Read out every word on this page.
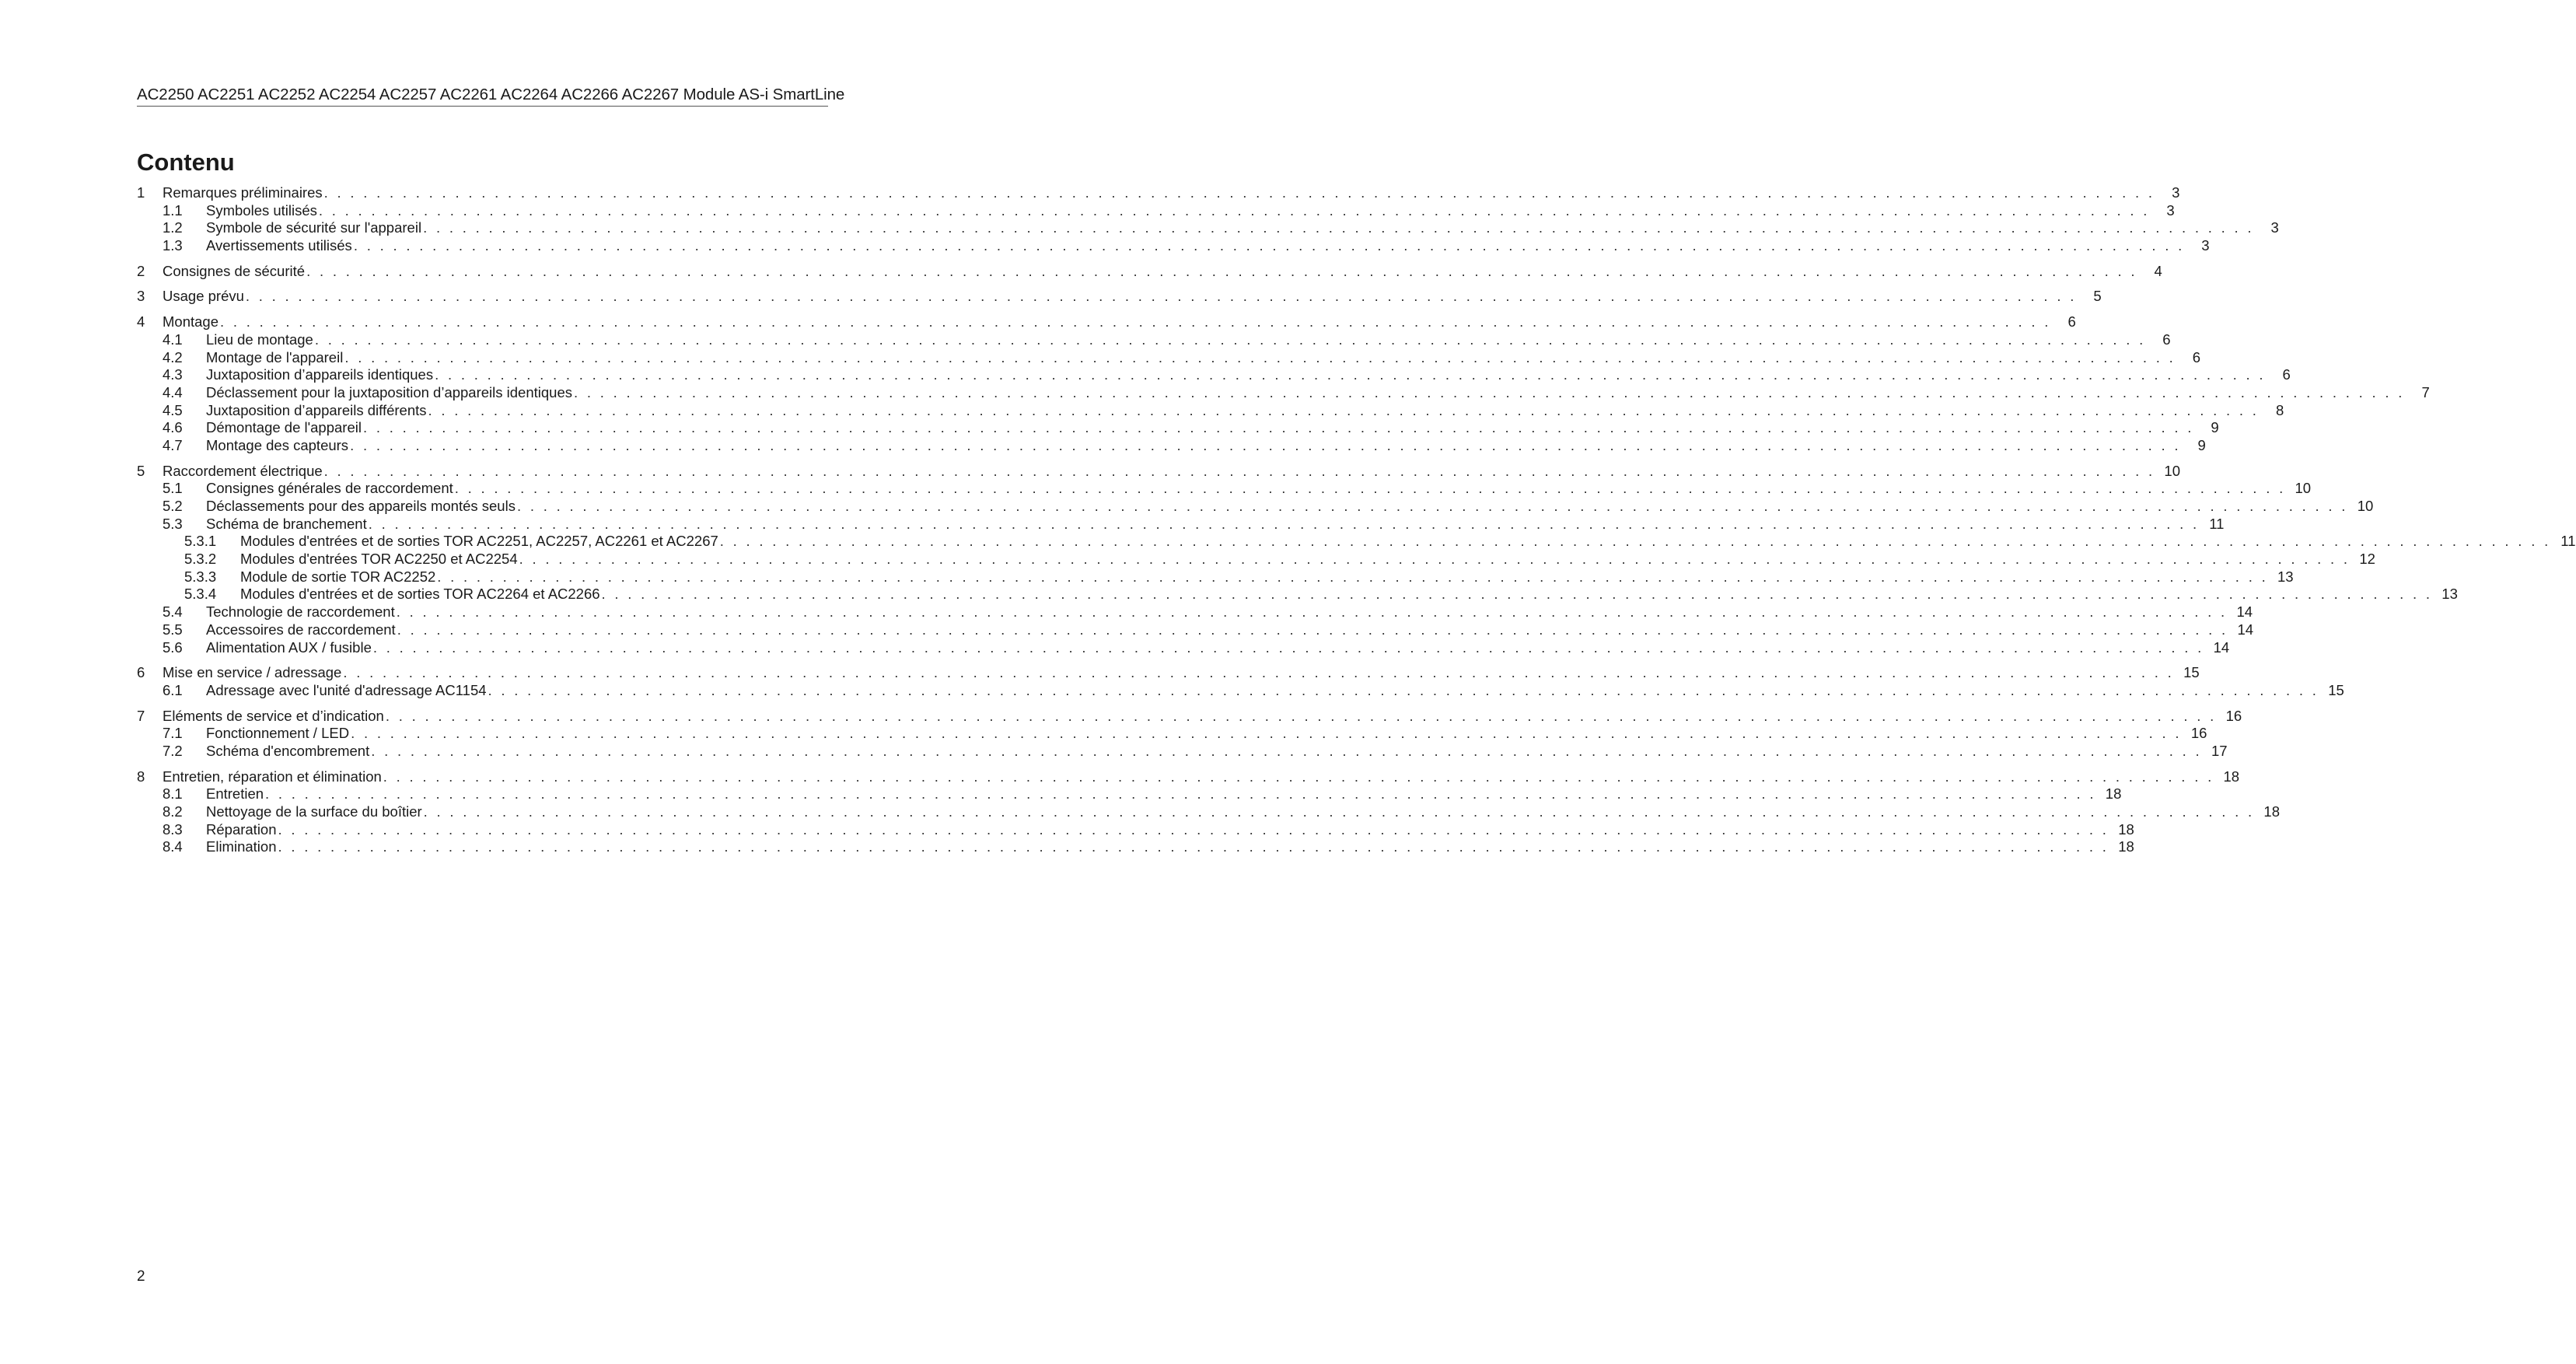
AC2250 AC2251 AC2252 AC2254 AC2257 AC2261 AC2264 AC2266 AC2267 Module AS-i SmartLine
Contenu
1 Remarques préliminaires . . . . . . . . . . . . . . . . . . . . . . . . . . . . . . . . . . . . . . . . . . . . . . . . . . . . . . . . . . . . . . . . . . . . . . . . . . . . . . . . . . . . . . . . . . . . . . . . . . . . . . . . . . . . . . . . . . . . . . . . . . . . . . . . . . . . . . . . . . . .	3
1.1 Symboles utilisés . . . . . . . . . . . . . . . . . . . . . . . . . . . . . . . . . . . . . . . . . . . . . . . . . . . . . . . . . . . . . . . . . . . . . . . . . . . . . . . . . . . . . . . . . . . . . . . . . . . . . . . . . . . . . . . . . . . . . . . . . . . . . . . . . . . . . . . . . . . .	3
1.2 Symbole de sécurité sur l'appareil . . . . . . . . . . . . . . . . . . . . . . . . . . . . . . . . . . . . . . . . . . . . . . . . . . . . . . . . . . . . . . . . . . . . . . . . . . . . . . . . . . . . . . . . . . . . . . . . . . . . . . . . . . . . . . . . . . . . . . . . . . . . . . . . . . . . . . . . . . . .	3
1.3 Avertissements utilisés . . . . . . . . . . . . . . . . . . . . . . . . . . . . . . . . . . . . . . . . . . . . . . . . . . . . . . . . . . . . . . . . . . . . . . . . . . . . . . . . . . . . . . . . . . . . . . . . . . . . . . . . . . . . . . . . . . . . . . . . . . . . . . . . . . . . . . . . . . . .	3
2 Consignes de sécurité . . . . . . . . . . . . . . . . . . . . . . . . . . . . . . . . . . . . . . . . . . . . . . . . . . . . . . . . . . . . . . . . . . . . . . . . . . . . . . . . . . . . . . . . . . . . . . . . . . . . . . . . . . . . . . . . . . . . . . . . . . . . . . . . . . . . . . . . . . . .	4
3 Usage prévu . . . . . . . . . . . . . . . . . . . . . . . . . . . . . . . . . . . . . . . . . . . . . . . . . . . . . . . . . . . . . . . . . . . . . . . . . . . . . . . . . . . . . . . . . . . . . . . . . . . . . . . . . . . . . . . . . . . . . . . . . . . . . . . . . . . . . . . . . . . .	5
4 Montage . . . . . . . . . . . . . . . . . . . . . . . . . . . . . . . . . . . . . . . . . . . . . . . . . . . . . . . . . . . . . . . . . . . . . . . . . . . . . . . . . . . . . . . . . . . . . . . . . . . . . . . . . . . . . . . . . . . . . . . . . . . . . . . . . . . . . . . . . . . .	6
4.1 Lieu de montage . . . . . . . . . . . . . . . . . . . . . . . . . . . . . . . . . . . . . . . . . . . . . . . . . . . . . . . . . . . . . . . . . . . . . . . . . . . . . . . . . . . . . . . . . . . . . . . . . . . . . . . . . . . . . . . . . . . . . . . . . . . . . . . . . . . . . . . . . . . .	6
4.2 Montage de l'appareil . . . . . . . . . . . . . . . . . . . . . . . . . . . . . . . . . . . . . . . . . . . . . . . . . . . . . . . . . . . . . . . . . . . . . . . . . . . . . . . . . . . . . . . . . . . . . . . . . . . . . . . . . . . . . . . . . . . . . . . . . . . . . . . . . . . . . . . . . . . .	6
4.3 Juxtaposition d’appareils identiques . . . . . . . . . . . . . . . . . . . . . . . . . . . . . . . . . . . . . . . . . . . . . . . . . . . . . . . . . . . . . . . . . . . . . . . . . . . . . . . . . . . . . . . . . . . . . . . . . . . . . . . . . . . . . . . . . . . . . . . . . . . . . . . . . . . . . . . . . . . .	6
4.4 Déclassement pour la juxtaposition d’appareils identiques . . . . . . . . . . . . . . . . . . . . . . . . . . . . . . . . . . . . . . . . . . . . . . . . . . . . . . . . . . . . . . . . . . . . . . . . . . . . . . . . . . . . . . . . . . . . . . . . . . . . . . . . . . . . . . . . . . . . . . . . . . . . . . . . . . . . . . . . . . . .	7
4.5 Juxtaposition d’appareils différents . . . . . . . . . . . . . . . . . . . . . . . . . . . . . . . . . . . . . . . . . . . . . . . . . . . . . . . . . . . . . . . . . . . . . . . . . . . . . . . . . . . . . . . . . . . . . . . . . . . . . . . . . . . . . . . . . . . . . . . . . . . . . . . . . . . . . . . . . . . .	8
4.6 Démontage de l'appareil . . . . . . . . . . . . . . . . . . . . . . . . . . . . . . . . . . . . . . . . . . . . . . . . . . . . . . . . . . . . . . . . . . . . . . . . . . . . . . . . . . . . . . . . . . . . . . . . . . . . . . . . . . . . . . . . . . . . . . . . . . . . . . . . . . . . . . . . . . . .	9
4.7 Montage des capteurs . . . . . . . . . . . . . . . . . . . . . . . . . . . . . . . . . . . . . . . . . . . . . . . . . . . . . . . . . . . . . . . . . . . . . . . . . . . . . . . . . . . . . . . . . . . . . . . . . . . . . . . . . . . . . . . . . . . . . . . . . . . . . . . . . . . . . . . . . . . .	9
5 Raccordement électrique . . . . . . . . . . . . . . . . . . . . . . . . . . . . . . . . . . . . . . . . . . . . . . . . . . . . . . . . . . . . . . . . . . . . . . . . . . . . . . . . . . . . . . . . . . . . . . . . . . . . . . . . . . . . . . . . . . . . . . . . . . . . . . . . . . . . . . . . . . . . 10
5.1 Consignes générales de raccordement . . . . . . . . . . . . . . . . . . . . . . . . . . . . . . . . . . . . . . . . . . . . . . . . . . . . . . . . . . . . . . . . . . . . . . . . . . . . . . . . . . . . . . . . . . . . . . . . . . . . . . . . . . . . . . . . . . . . . . . . . . . . . . . . . . . . . . . . . . . . 10
5.2 Déclassements pour des appareils montés seuls . . . . . . . . . . . . . . . . . . . . . . . . . . . . . . . . . . . . . . . . . . . . . . . . . . . . . . . . . . . . . . . . . . . . . . . . . . . . . . . . . . . . . . . . . . . . . . . . . . . . . . . . . . . . . . . . . . . . . . . . . . . . . . . . . . . . . . . . . . . . 10
5.3 Schéma de branchement . . . . . . . . . . . . . . . . . . . . . . . . . . . . . . . . . . . . . . . . . . . . . . . . . . . . . . . . . . . . . . . . . . . . . . . . . . . . . . . . . . . . . . . . . . . . . . . . . . . . . . . . . . . . . . . . . . . . . . . . . . . . . . . . . . . . . . . . . . . . 11
5.3.1 Modules d'entrées et de sorties TOR AC2251, AC2257, AC2261 et AC2267 . . . . . . . . . . . . . . . . . . . . . . . . . . . . . . . . . . . . . . . . . . . . . . . . . . . . . . . . . . . . . . . . . . . . . . . . . . . . . . . . . . . . . . . . . . . . . . . . . . . . . . . . . . . . . . . . . . . . . . . . . . . . . . . . . . . . . . . . . . . . 11
5.3.2 Modules d'entrées TOR AC2250 et AC2254 . . . . . . . . . . . . . . . . . . . . . . . . . . . . . . . . . . . . . . . . . . . . . . . . . . . . . . . . . . . . . . . . . . . . . . . . . . . . . . . . . . . . . . . . . . . . . . . . . . . . . . . . . . . . . . . . . . . . . . . . . . . . . . . . . . . . . . . . . . . . 12
5.3.3 Module de sortie TOR AC2252 . . . . . . . . . . . . . . . . . . . . . . . . . . . . . . . . . . . . . . . . . . . . . . . . . . . . . . . . . . . . . . . . . . . . . . . . . . . . . . . . . . . . . . . . . . . . . . . . . . . . . . . . . . . . . . . . . . . . . . . . . . . . . . . . . . . . . . . . . . . . 13
5.3.4 Modules d'entrées et de sorties TOR AC2264 et AC2266 . . . . . . . . . . . . . . . . . . . . . . . . . . . . . . . . . . . . . . . . . . . . . . . . . . . . . . . . . . . . . . . . . . . . . . . . . . . . . . . . . . . . . . . . . . . . . . . . . . . . . . . . . . . . . . . . . . . . . . . . . . . . . . . . . . . . . . . . . . . . 13
5.4 Technologie de raccordement . . . . . . . . . . . . . . . . . . . . . . . . . . . . . . . . . . . . . . . . . . . . . . . . . . . . . . . . . . . . . . . . . . . . . . . . . . . . . . . . . . . . . . . . . . . . . . . . . . . . . . . . . . . . . . . . . . . . . . . . . . . . . . . . . . . . . . . . . . . . 14
5.5 Accessoires de raccordement . . . . . . . . . . . . . . . . . . . . . . . . . . . . . . . . . . . . . . . . . . . . . . . . . . . . . . . . . . . . . . . . . . . . . . . . . . . . . . . . . . . . . . . . . . . . . . . . . . . . . . . . . . . . . . . . . . . . . . . . . . . . . . . . . . . . . . . . . . . . 14
5.6 Alimentation AUX / fusible . . . . . . . . . . . . . . . . . . . . . . . . . . . . . . . . . . . . . . . . . . . . . . . . . . . . . . . . . . . . . . . . . . . . . . . . . . . . . . . . . . . . . . . . . . . . . . . . . . . . . . . . . . . . . . . . . . . . . . . . . . . . . . . . . . . . . . . . . . . . 14
6 Mise en service / adressage . . . . . . . . . . . . . . . . . . . . . . . . . . . . . . . . . . . . . . . . . . . . . . . . . . . . . . . . . . . . . . . . . . . . . . . . . . . . . . . . . . . . . . . . . . . . . . . . . . . . . . . . . . . . . . . . . . . . . . . . . . . . . . . . . . . . . . . . . . . . 15
6.1 Adressage avec l'unité d'adressage AC1154 . . . . . . . . . . . . . . . . . . . . . . . . . . . . . . . . . . . . . . . . . . . . . . . . . . . . . . . . . . . . . . . . . . . . . . . . . . . . . . . . . . . . . . . . . . . . . . . . . . . . . . . . . . . . . . . . . . . . . . . . . . . . . . . . . . . . . . . . . . . . 15
7 Eléments de service et d’indication . . . . . . . . . . . . . . . . . . . . . . . . . . . . . . . . . . . . . . . . . . . . . . . . . . . . . . . . . . . . . . . . . . . . . . . . . . . . . . . . . . . . . . . . . . . . . . . . . . . . . . . . . . . . . . . . . . . . . . . . . . . . . . . . . . . . . . . . . . . . 16
7.1 Fonctionnement / LED . . . . . . . . . . . . . . . . . . . . . . . . . . . . . . . . . . . . . . . . . . . . . . . . . . . . . . . . . . . . . . . . . . . . . . . . . . . . . . . . . . . . . . . . . . . . . . . . . . . . . . . . . . . . . . . . . . . . . . . . . . . . . . . . . . . . . . . . . . . . 16
7.2 Schéma d'encombrement . . . . . . . . . . . . . . . . . . . . . . . . . . . . . . . . . . . . . . . . . . . . . . . . . . . . . . . . . . . . . . . . . . . . . . . . . . . . . . . . . . . . . . . . . . . . . . . . . . . . . . . . . . . . . . . . . . . . . . . . . . . . . . . . . . . . . . . . . . . . 17
8 Entretien, réparation et élimination . . . . . . . . . . . . . . . . . . . . . . . . . . . . . . . . . . . . . . . . . . . . . . . . . . . . . . . . . . . . . . . . . . . . . . . . . . . . . . . . . . . . . . . . . . . . . . . . . . . . . . . . . . . . . . . . . . . . . . . . . . . . . . . . . . . . . . . . . . . . 18
8.1 Entretien . . . . . . . . . . . . . . . . . . . . . . . . . . . . . . . . . . . . . . . . . . . . . . . . . . . . . . . . . . . . . . . . . . . . . . . . . . . . . . . . . . . . . . . . . . . . . . . . . . . . . . . . . . . . . . . . . . . . . . . . . . . . . . . . . . . . . . . . . . . . 18
8.2 Nettoyage de la surface du boîtier . . . . . . . . . . . . . . . . . . . . . . . . . . . . . . . . . . . . . . . . . . . . . . . . . . . . . . . . . . . . . . . . . . . . . . . . . . . . . . . . . . . . . . . . . . . . . . . . . . . . . . . . . . . . . . . . . . . . . . . . . . . . . . . . . . . . . . . . . . . . 18
8.3 Réparation . . . . . . . . . . . . . . . . . . . . . . . . . . . . . . . . . . . . . . . . . . . . . . . . . . . . . . . . . . . . . . . . . . . . . . . . . . . . . . . . . . . . . . . . . . . . . . . . . . . . . . . . . . . . . . . . . . . . . . . . . . . . . . . . . . . . . . . . . . . . 18
8.4 Elimination . . . . . . . . . . . . . . . . . . . . . . . . . . . . . . . . . . . . . . . . . . . . . . . . . . . . . . . . . . . . . . . . . . . . . . . . . . . . . . . . . . . . . . . . . . . . . . . . . . . . . . . . . . . . . . . . . . . . . . . . . . . . . . . . . . . . . . . . . . . . 18
2
